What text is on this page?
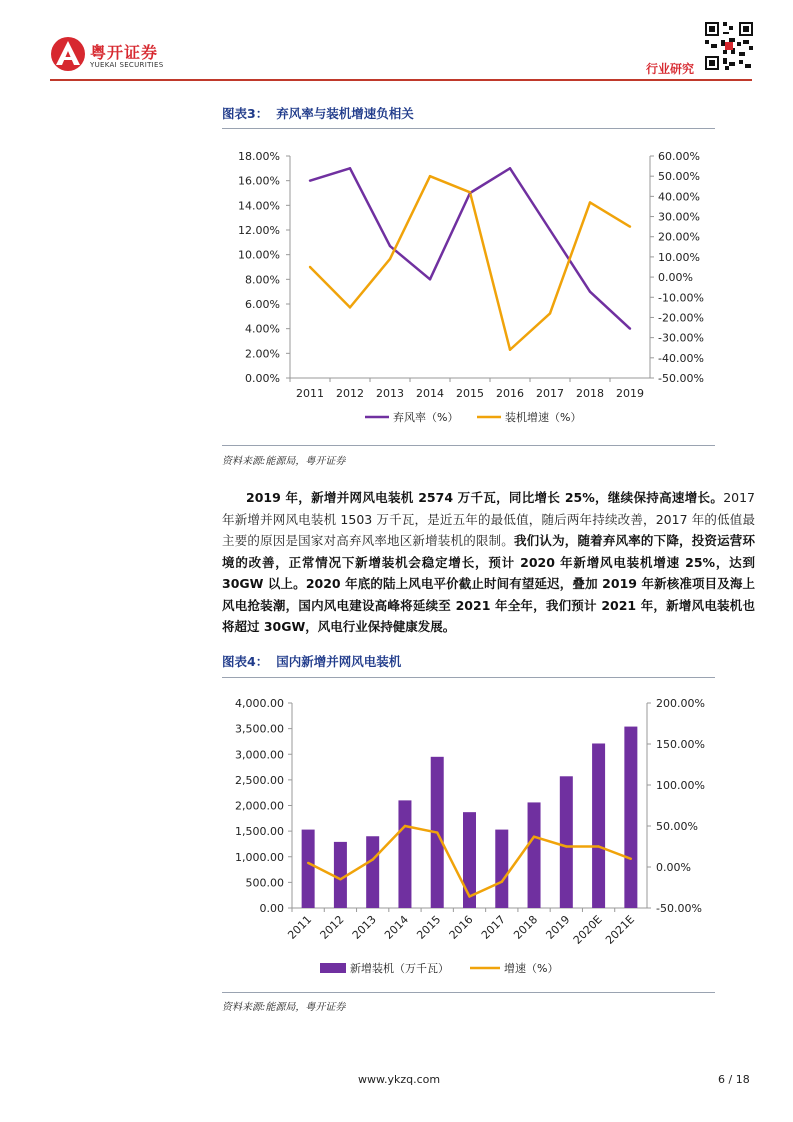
粤开证券
YUEKAI SECURITIES	行业研究
图表3： 弃风率与装机增速负相关
0.00%
2.00%
4.00%
6.00%
8.00%
10.00%
12.00%
14.00%
16.00%
18.00%
-50.00%
-40.00%
-30.00%
-20.00%
-10.00%
0.00%
10.00%
20.00%
30.00%
40.00%
50.00%
60.00%
2011 2012 2013 2014 2015 2016 2017 2018 2019
弃风率（%）	装机增速（%）
资料来源:能源局，粤开证券
2019 年，新增并网风电装机 2574 万千瓦，同比增长 25%，继续保持高速增长。2017 年新增并网风电装机 1503 万千瓦，是近五年的最低值，随后两年持续改善，2017 年的低值最主要的原因是国家对高弃风率地区新增装机的限制。我们认为，随着弃风率的下降，投资运营环境的改善，正常情况下新增装机会稳定增长，预计 2020 年新增风电装机增速 25%，达到 30GW 以上。2020 年底的陆上风电平价截止时间有望延迟，叠加 2019 年新核准项目及海上风电抢装潮，国内风电建设高峰将延续至 2021 年全年，我们预计 2021 年，新增风电装机也将超过 30GW，风电行业保持健康发展。
图表4： 国内新增并网风电装机
0.00
500.00
1,000.00
1,500.00
2,000.00
2,500.00
3,000.00
3,500.00
4,000.00
-50.00%
0.00%
50.00%
100.00%
150.00%
200.00%
2011 2012 2013 2014 2015 2016 2017 2018 2019
2020E
2021E
新增装机（万千瓦）	增速（%）
资料来源:能源局，粤开证券
www.ykzq.com	6 / 18
